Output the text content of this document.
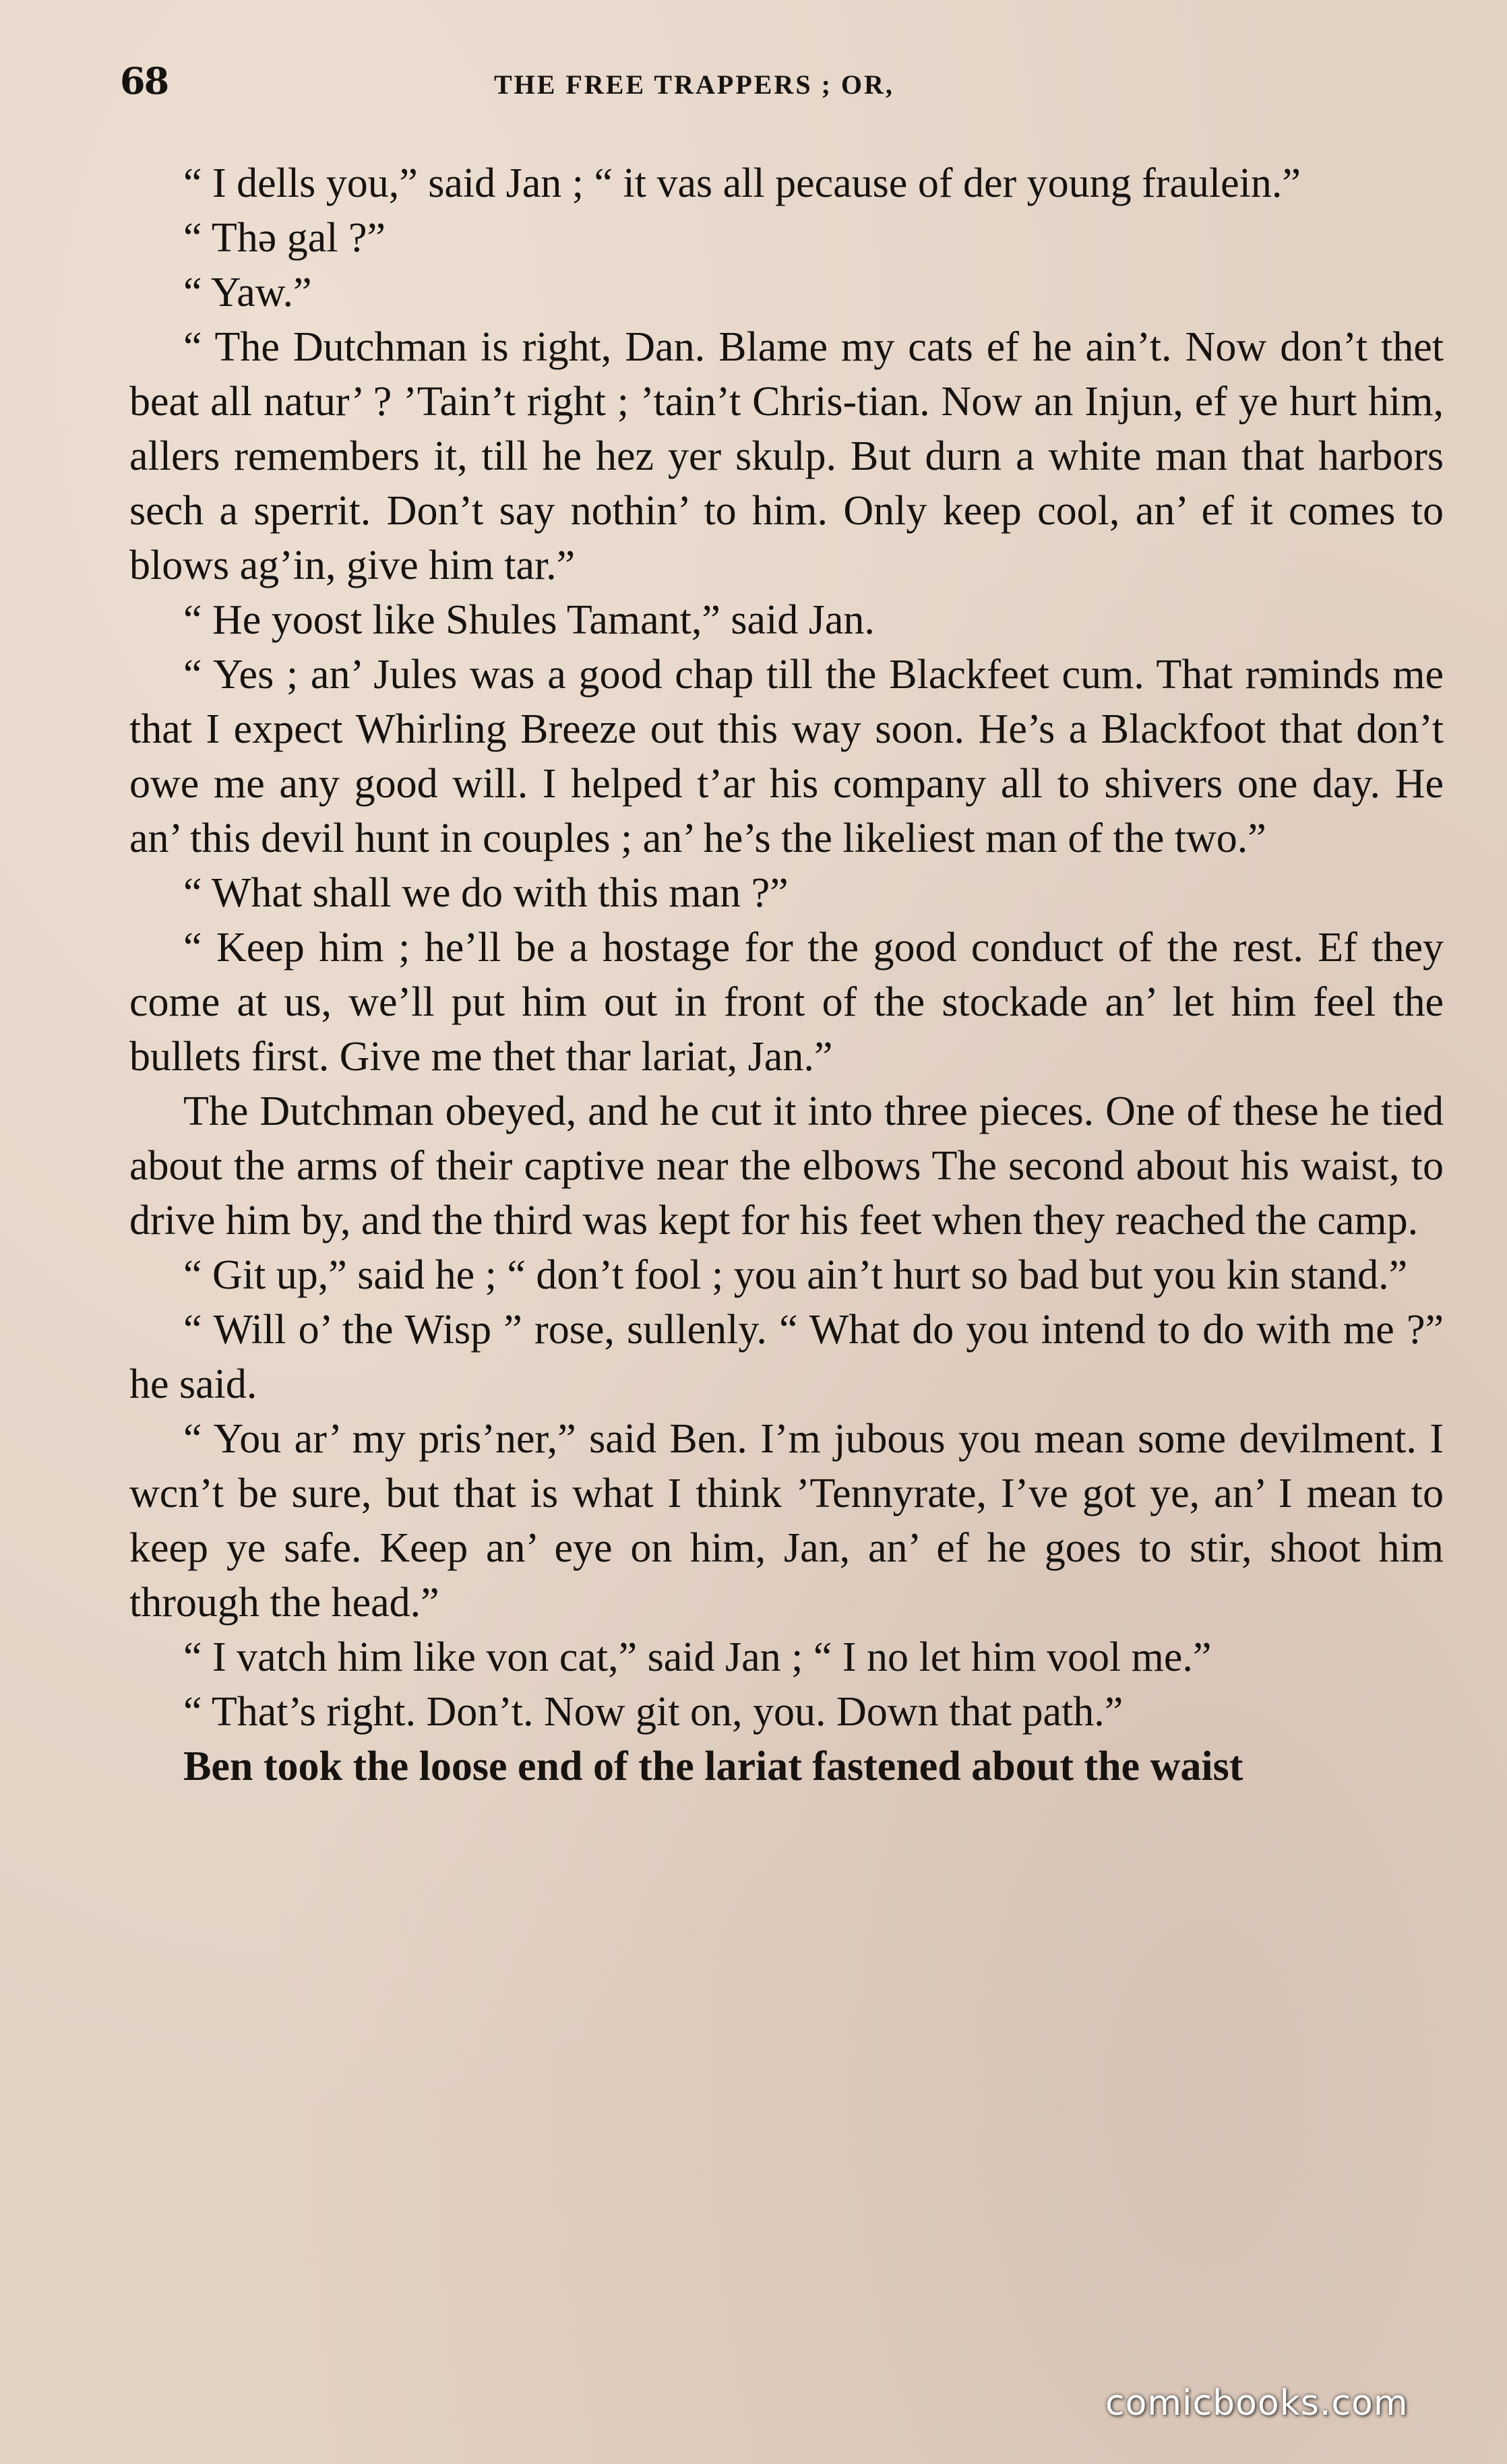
68	THE FREE TRAPPERS ; OR,

“ I dells you,” said Jan ; “ it vas all pecause of der young fraulein.”

“ Thə gal ?”

“ Yaw.”

“ The Dutchman is right, Dan. Blame my cats ef he ain’t. Now don’t thet beat all natur’ ? ’Tain’t right ; ’tain’t Chris-tian. Now an Injun, ef ye hurt him, allers remembers it, till he hez yer skulp. But durn a white man that harbors sech a sperrit. Don’t say nothin’ to him. Only keep cool, an’ ef it comes to blows ag’in, give him tar.”

“ He yoost like Shules Tamant,” said Jan.

“ Yes ; an’ Jules was a good chap till the Blackfeet cum. That rəminds me that I expect Whirling Breeze out this way soon. He’s a Blackfoot that don’t owe me any good will. I helped t’ar his company all to shivers one day. He an’ this devil hunt in couples ; an’ he’s the likeliest man of the two.”

“ What shall we do with this man ?”

“ Keep him ; he’ll be a hostage for the good conduct of the rest. Ef they come at us, we’ll put him out in front of the stockade an’ let him feel the bullets first. Give me thet thar lariat, Jan.”

The Dutchman obeyed, and he cut it into three pieces. One of these he tied about the arms of their captive near the elbows The second about his waist, to drive him by, and the third was kept for his feet when they reached the camp.

“ Git up,” said he ; “ don’t fool ; you ain’t hurt so bad but you kin stand.”

“ Will o’ the Wisp ” rose, sullenly. “ What do you intend to do with me ?” he said.

“ You ar’ my pris’ner,” said Ben. I’m jubous you mean some devilment. I wcn’t be sure, but that is what I think ’Tennyrate, I’ve got ye, an’ I mean to keep ye safe. Keep an’ eye on him, Jan, an’ ef he goes to stir, shoot him through the head.”

“ I vatch him like von cat,” said Jan ; “ I no let him vool me.”

“ That’s right. Don’t. Now git on, you. Down that path.”

Ben took the loose end of the lariat fastened about the waist

comicbooks.com
